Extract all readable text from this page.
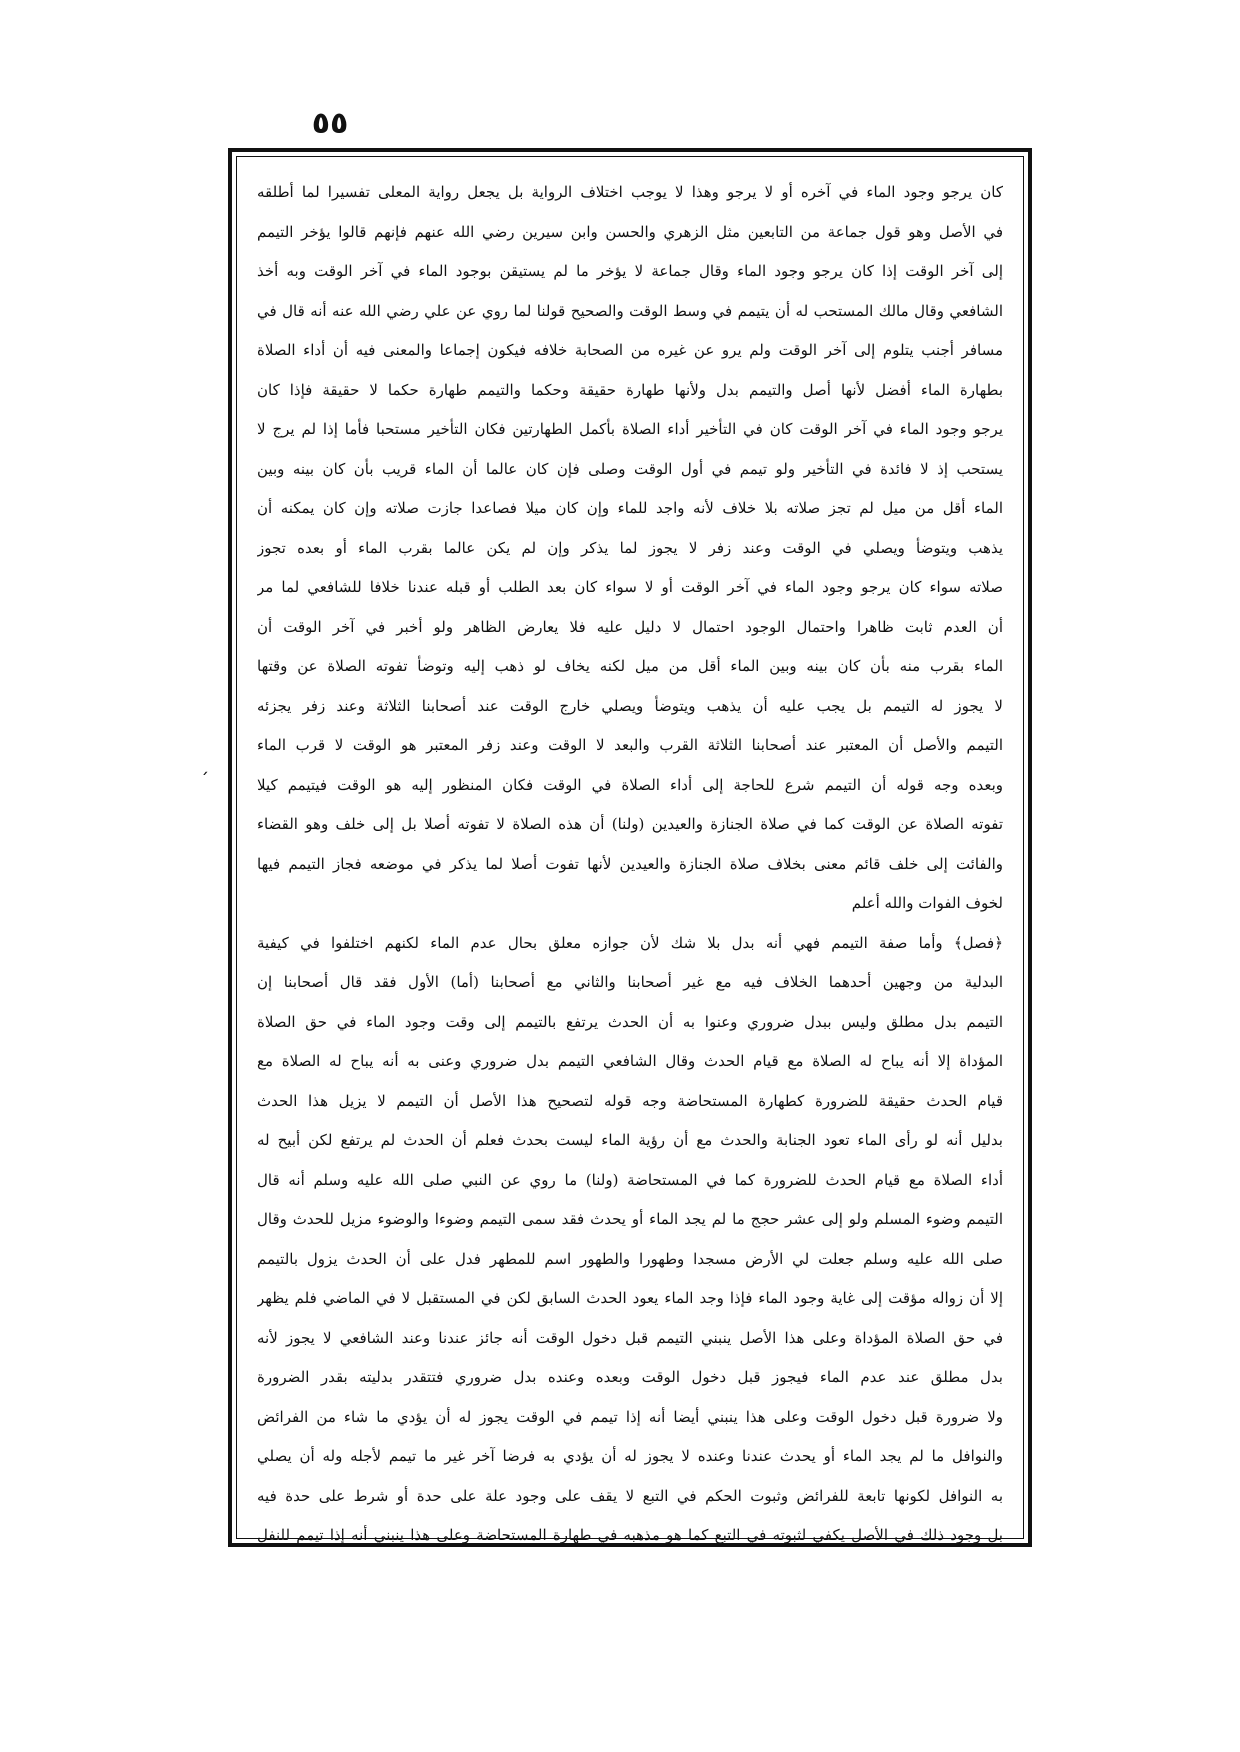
٥٥
ˊ
كان يرجو وجود الماء في آخره أو لا يرجو وهذا لا يوجب اختلاف الرواية بل يجعل رواية المعلى تفسيرا لما أطلقه
في الأصل وهو قول جماعة من التابعين مثل الزهري والحسن وابن سيرين رضي الله عنهم فإنهم قالوا يؤخر التيمم
إلى آخر الوقت إذا كان يرجو وجود الماء وقال جماعة لا يؤخر ما لم يستيقن بوجود الماء في آخر الوقت وبه أخذ
الشافعي وقال مالك المستحب له أن يتيمم في وسط الوقت والصحيح قولنا لما روي عن علي رضي الله عنه أنه قال في
مسافر أجنب يتلوم إلى آخر الوقت ولم يرو عن غيره من الصحابة خلافه فيكون إجماعا والمعنى فيه أن أداء الصلاة
بطهارة الماء أفضل لأنها أصل والتيمم بدل ولأنها طهارة حقيقة وحكما والتيمم طهارة حكما لا حقيقة فإذا كان
يرجو وجود الماء في آخر الوقت كان في التأخير أداء الصلاة بأكمل الطهارتين فكان التأخير مستحبا فأما إذا لم يرج لا
يستحب إذ لا فائدة في التأخير ولو تيمم في أول الوقت وصلى فإن كان عالما أن الماء قريب بأن كان بينه وبين
الماء أقل من ميل لم تجز صلاته بلا خلاف لأنه واجد للماء وإن كان ميلا فصاعدا جازت صلاته وإن كان يمكنه أن
يذهب ويتوضأ ويصلي في الوقت وعند زفر لا يجوز لما يذكر وإن لم يكن عالما بقرب الماء أو بعده تجوز
صلاته سواء كان يرجو وجود الماء في آخر الوقت أو لا سواء كان بعد الطلب أو قبله عندنا خلافا للشافعي لما مر
أن العدم ثابت ظاهرا واحتمال الوجود احتمال لا دليل عليه فلا يعارض الظاهر ولو أخبر في آخر الوقت أن
الماء بقرب منه بأن كان بينه وبين الماء أقل من ميل لكنه يخاف لو ذهب إليه وتوضأ تفوته الصلاة عن وقتها
لا يجوز له التيمم بل يجب عليه أن يذهب ويتوضأ ويصلي خارج الوقت عند أصحابنا الثلاثة وعند زفر يجزئه
التيمم والأصل أن المعتبر عند أصحابنا الثلاثة القرب والبعد لا الوقت وعند زفر المعتبر هو الوقت لا قرب الماء
وبعده وجه قوله أن التيمم شرع للحاجة إلى أداء الصلاة في الوقت فكان المنظور إليه هو الوقت فيتيمم كيلا
تفوته الصلاة عن الوقت كما في صلاة الجنازة والعيدين (ولنا) أن هذه الصلاة لا تفوته أصلا بل إلى خلف وهو القضاء
والفائت إلى خلف قائم معنى بخلاف صلاة الجنازة والعيدين لأنها تفوت أصلا لما يذكر في موضعه فجاز التيمم فيها
لخوف الفوات والله أعلم
﴿فصل﴾ وأما صفة التيمم فهي أنه بدل بلا شك لأن جوازه معلق بحال عدم الماء لكنهم اختلفوا في كيفية
البدلية من وجهين أحدهما الخلاف فيه مع غير أصحابنا والثاني مع أصحابنا (أما) الأول فقد قال أصحابنا إن
التيمم بدل مطلق وليس ببدل ضروري وعنوا به أن الحدث يرتفع بالتيمم إلى وقت وجود الماء في حق الصلاة
المؤداة إلا أنه يباح له الصلاة مع قيام الحدث وقال الشافعي التيمم بدل ضروري وعنى به أنه يباح له الصلاة مع
قيام الحدث حقيقة للضرورة كطهارة المستحاضة وجه قوله لتصحيح هذا الأصل أن التيمم لا يزيل هذا الحدث
بدليل أنه لو رأى الماء تعود الجنابة والحدث مع أن رؤية الماء ليست بحدث فعلم أن الحدث لم يرتفع لكن أبيح له
أداء الصلاة مع قيام الحدث للضرورة كما في المستحاضة (ولنا) ما روي عن النبي صلى الله عليه وسلم أنه قال
التيمم وضوء المسلم ولو إلى عشر حجج ما لم يجد الماء أو يحدث فقد سمى التيمم وضوءا والوضوء مزيل للحدث وقال
صلى الله عليه وسلم جعلت لي الأرض مسجدا وطهورا والطهور اسم للمطهر فدل على أن الحدث يزول بالتيمم
إلا أن زواله مؤقت إلى غاية وجود الماء فإذا وجد الماء يعود الحدث السابق لكن في المستقبل لا في الماضي فلم يظهر
في حق الصلاة المؤداة وعلى هذا الأصل ينبني التيمم قبل دخول الوقت أنه جائز عندنا وعند الشافعي لا يجوز لأنه
بدل مطلق عند عدم الماء فيجوز قبل دخول الوقت وبعده وعنده بدل ضروري فتتقدر بدليته بقدر الضرورة
ولا ضرورة قبل دخول الوقت وعلى هذا ينبني أيضا أنه إذا تيمم في الوقت يجوز له أن يؤدي ما شاء من الفرائض
والنوافل ما لم يجد الماء أو يحدث عندنا وعنده لا يجوز له أن يؤدي به فرضا آخر غير ما تيمم لأجله وله أن يصلي
به النوافل لكونها تابعة للفرائض وثبوت الحكم في التبع لا يقف على وجود علة على حدة أو شرط على حدة فيه
بل وجود ذلك في الأصل يكفي لثبوته في التبع كما هو مذهبه في طهارة المستحاضة وعلى هذا ينبني أنه إذا تيمم للنفل
